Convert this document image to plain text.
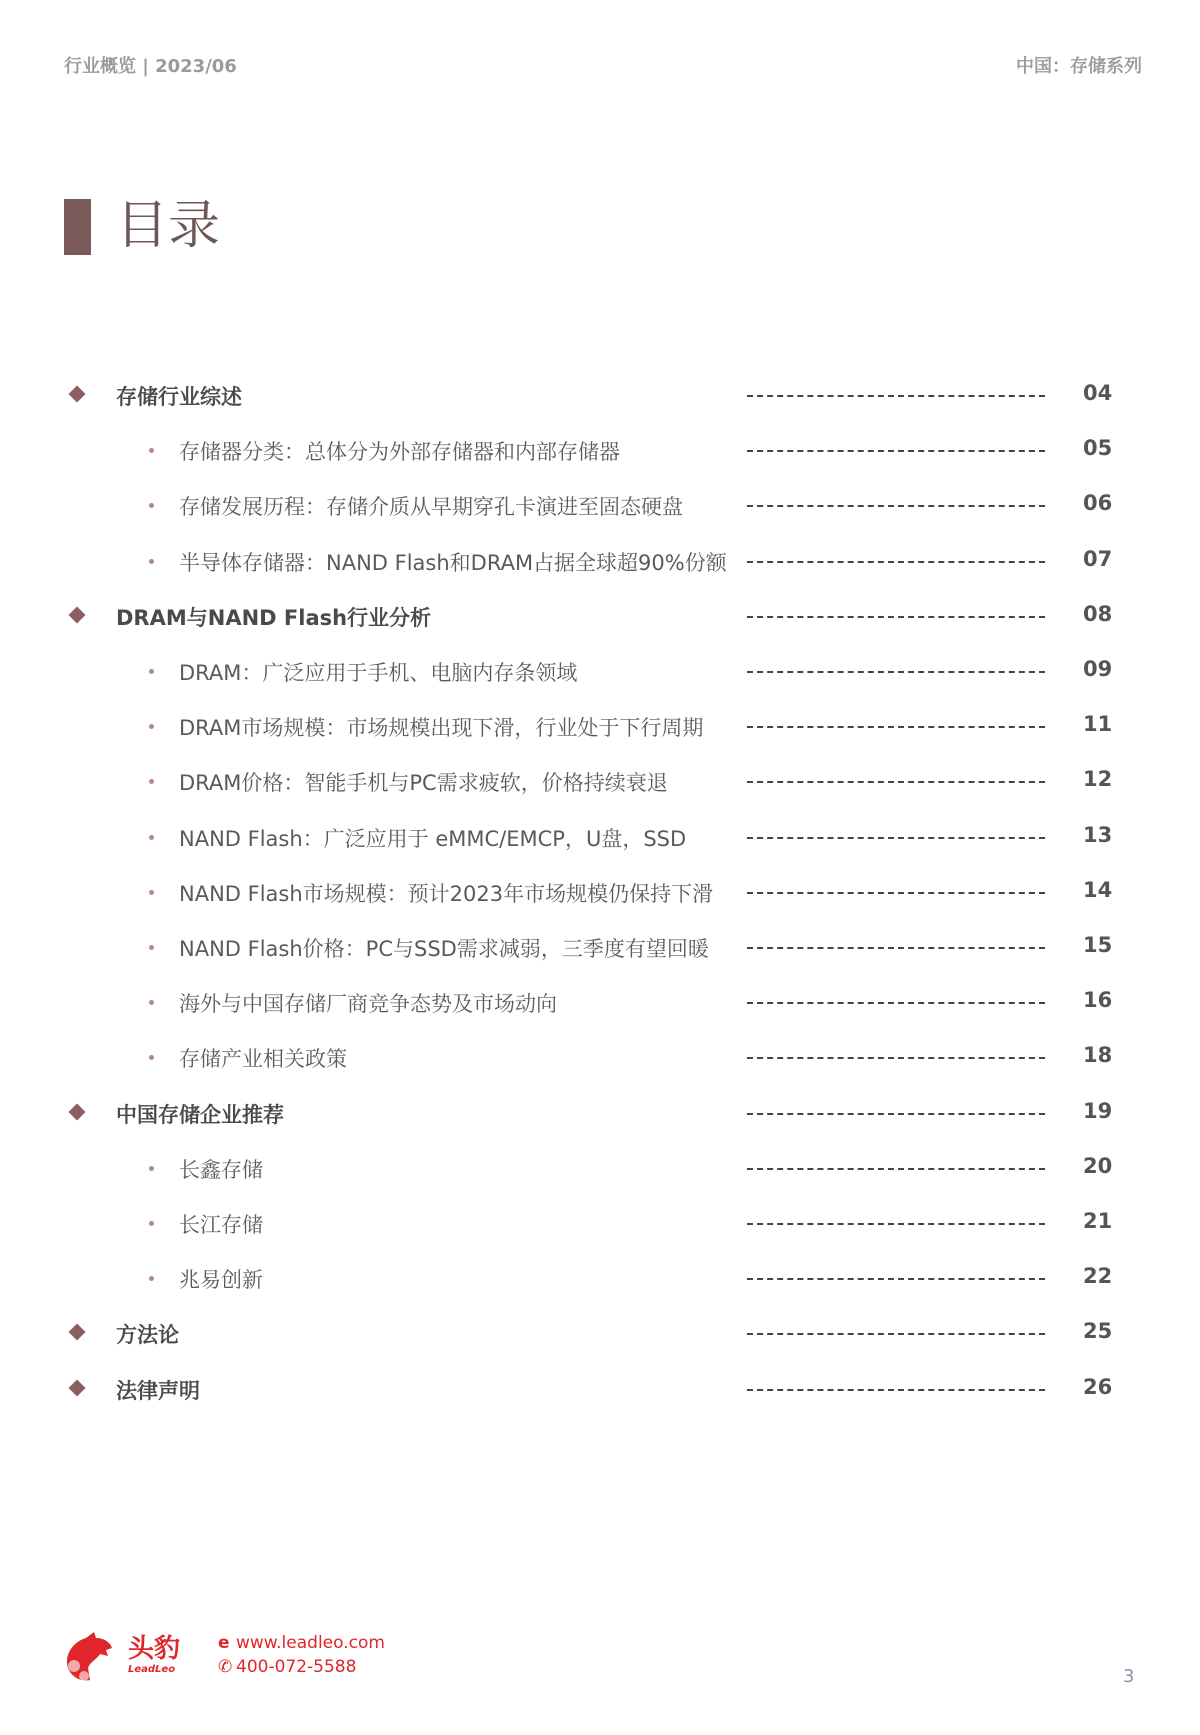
行业概览 | 2023/06	中国：存储系列
目录
存储行业综述	04
存储器分类：总体分为外部存储器和内部存储器	05
存储发展历程：存储介质从早期穿孔卡演进至固态硬盘	06
半导体存储器：NAND Flash和DRAM占据全球超90%份额	07
DRAM与NAND Flash行业分析	08
DRAM：广泛应用于手机、电脑内存条领域	09
DRAM市场规模：市场规模出现下滑，行业处于下行周期	11
DRAM价格：智能手机与PC需求疲软，价格持续衰退	12
NAND Flash：广泛应用于 eMMC/EMCP，U盘，SSD	13
NAND Flash市场规模：预计2023年市场规模仍保持下滑	14
NAND Flash价格：PC与SSD需求减弱，三季度有望回暖	15
海外与中国存储厂商竞争态势及市场动向	16
存储产业相关政策	18
中国存储企业推荐	19
长鑫存储	20
长江存储	21
兆易创新	22
方法论	25
法律声明	26
头豹
LeadLeo
e www.leadleo.com
✆ 400-072-5588	3
